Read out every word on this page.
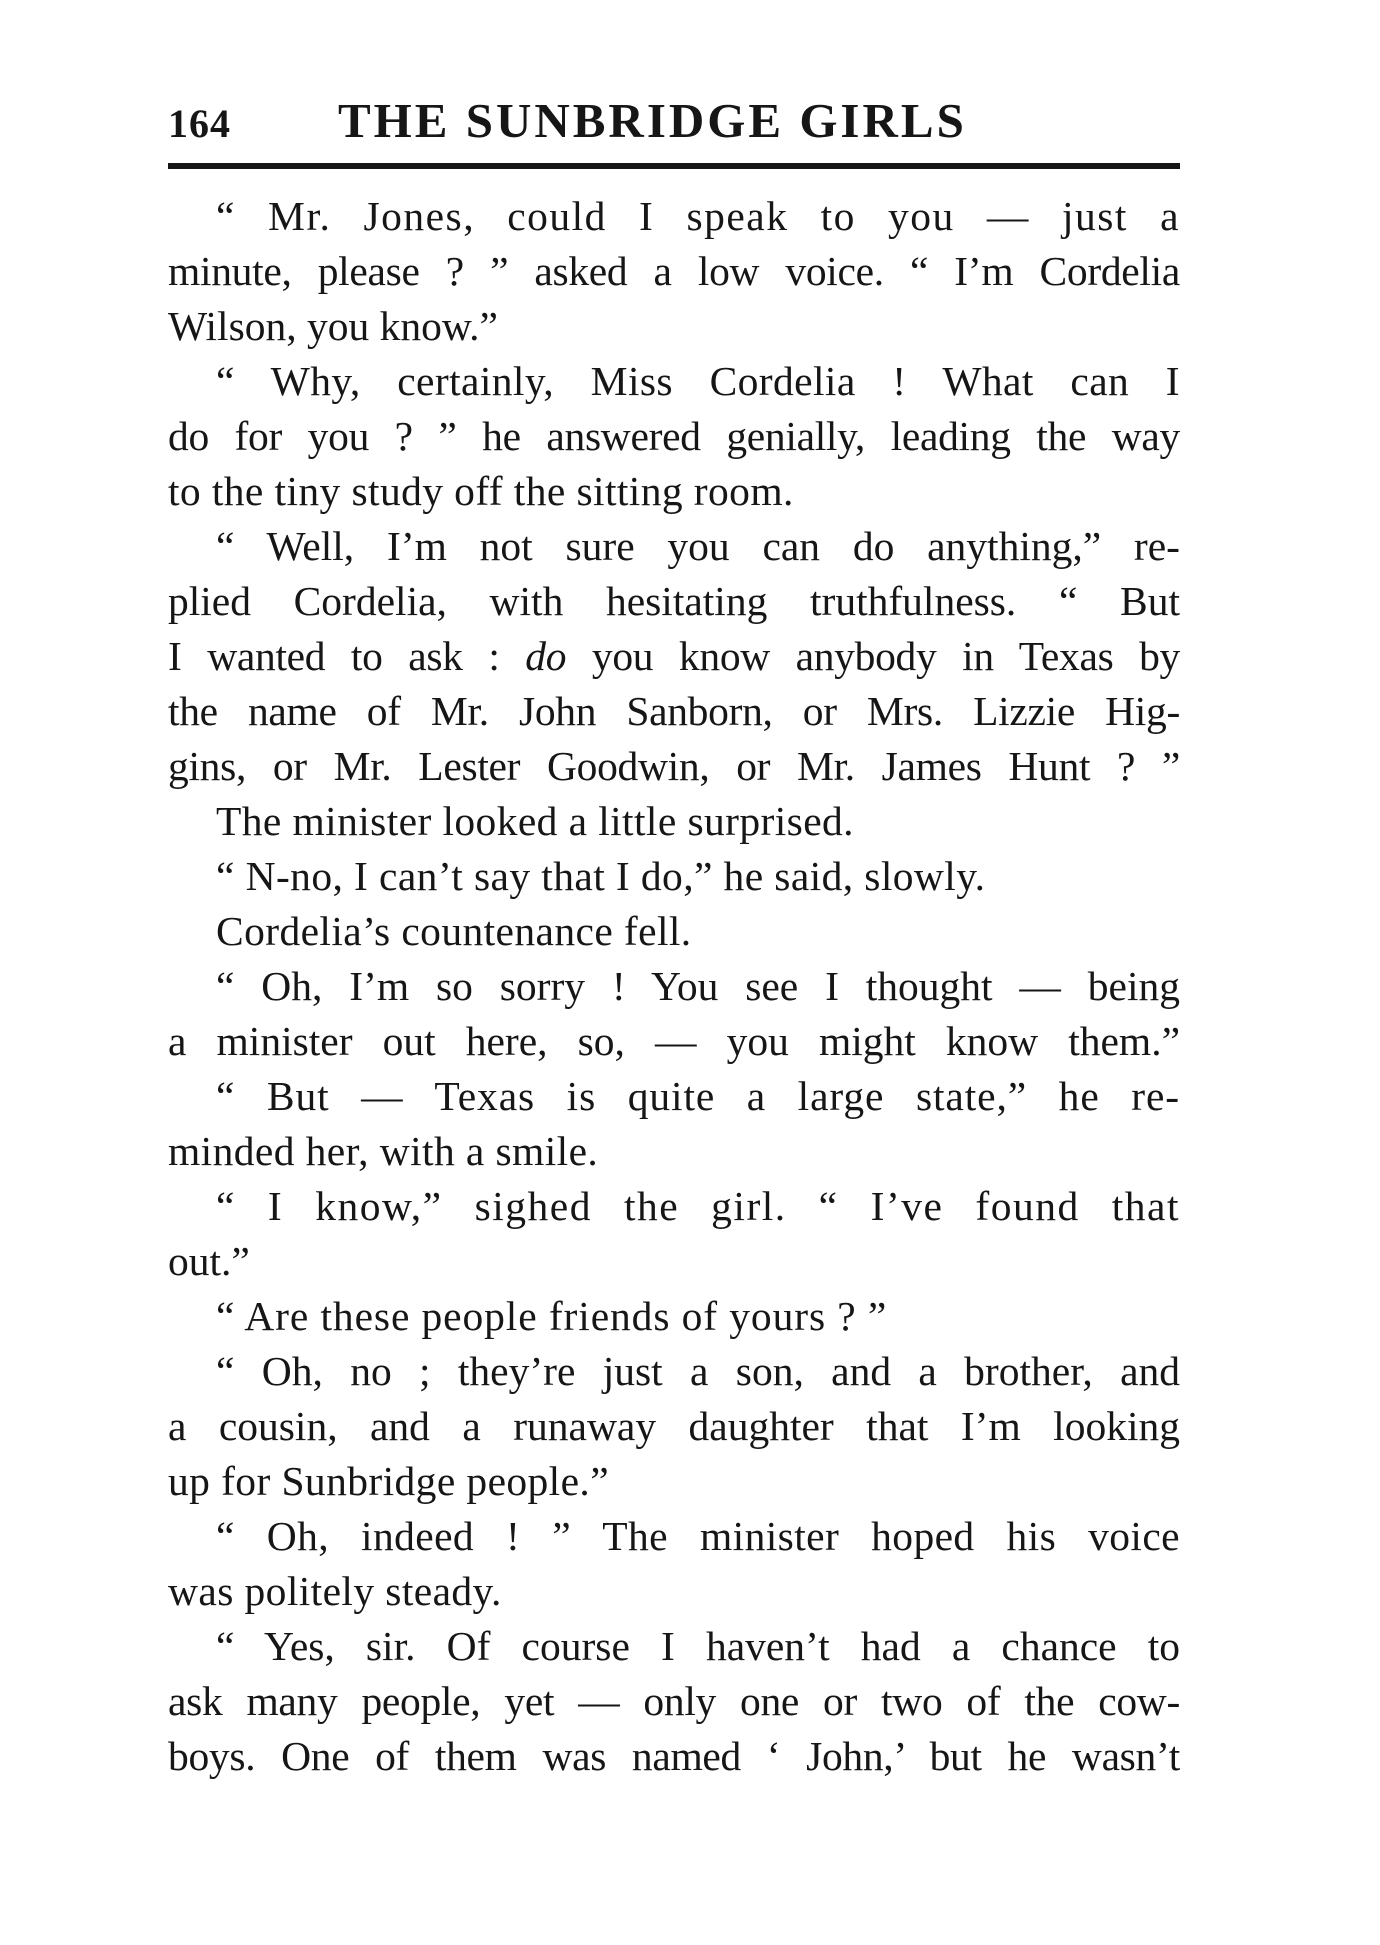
164 THE SUNBRIDGE GIRLS
“ Mr. Jones, could I speak to you — just a
minute, please ? ” asked a low voice. “ I’m Cordelia
Wilson, you know.”
“ Why, certainly, Miss Cordelia ! What can I
do for you ? ” he answered genially, leading the way
to the tiny study off the sitting room.
“ Well, I’m not sure you can do anything,” re-
plied Cordelia, with hesitating truthfulness. “ But
I wanted to ask : do you know anybody in Texas by
the name of Mr. John Sanborn, or Mrs. Lizzie Hig-
gins, or Mr. Lester Goodwin, or Mr. James Hunt ? ”
The minister looked a little surprised.
“ N-no, I can’t say that I do,” he said, slowly.
Cordelia’s countenance fell.
“ Oh, I’m so sorry ! You see I thought — being
a minister out here, so, — you might know them.”
“ But — Texas is quite a large state,” he re-
minded her, with a smile.
“ I know,” sighed the girl. “ I’ve found that
out.”
“ Are these people friends of yours ? ”
“ Oh, no ; they’re just a son, and a brother, and
a cousin, and a runaway daughter that I’m looking
up for Sunbridge people.”
“ Oh, indeed ! ” The minister hoped his voice
was politely steady.
“ Yes, sir. Of course I haven’t had a chance to
ask many people, yet — only one or two of the cow-
boys. One of them was named ‘ John,’ but he wasn’t
